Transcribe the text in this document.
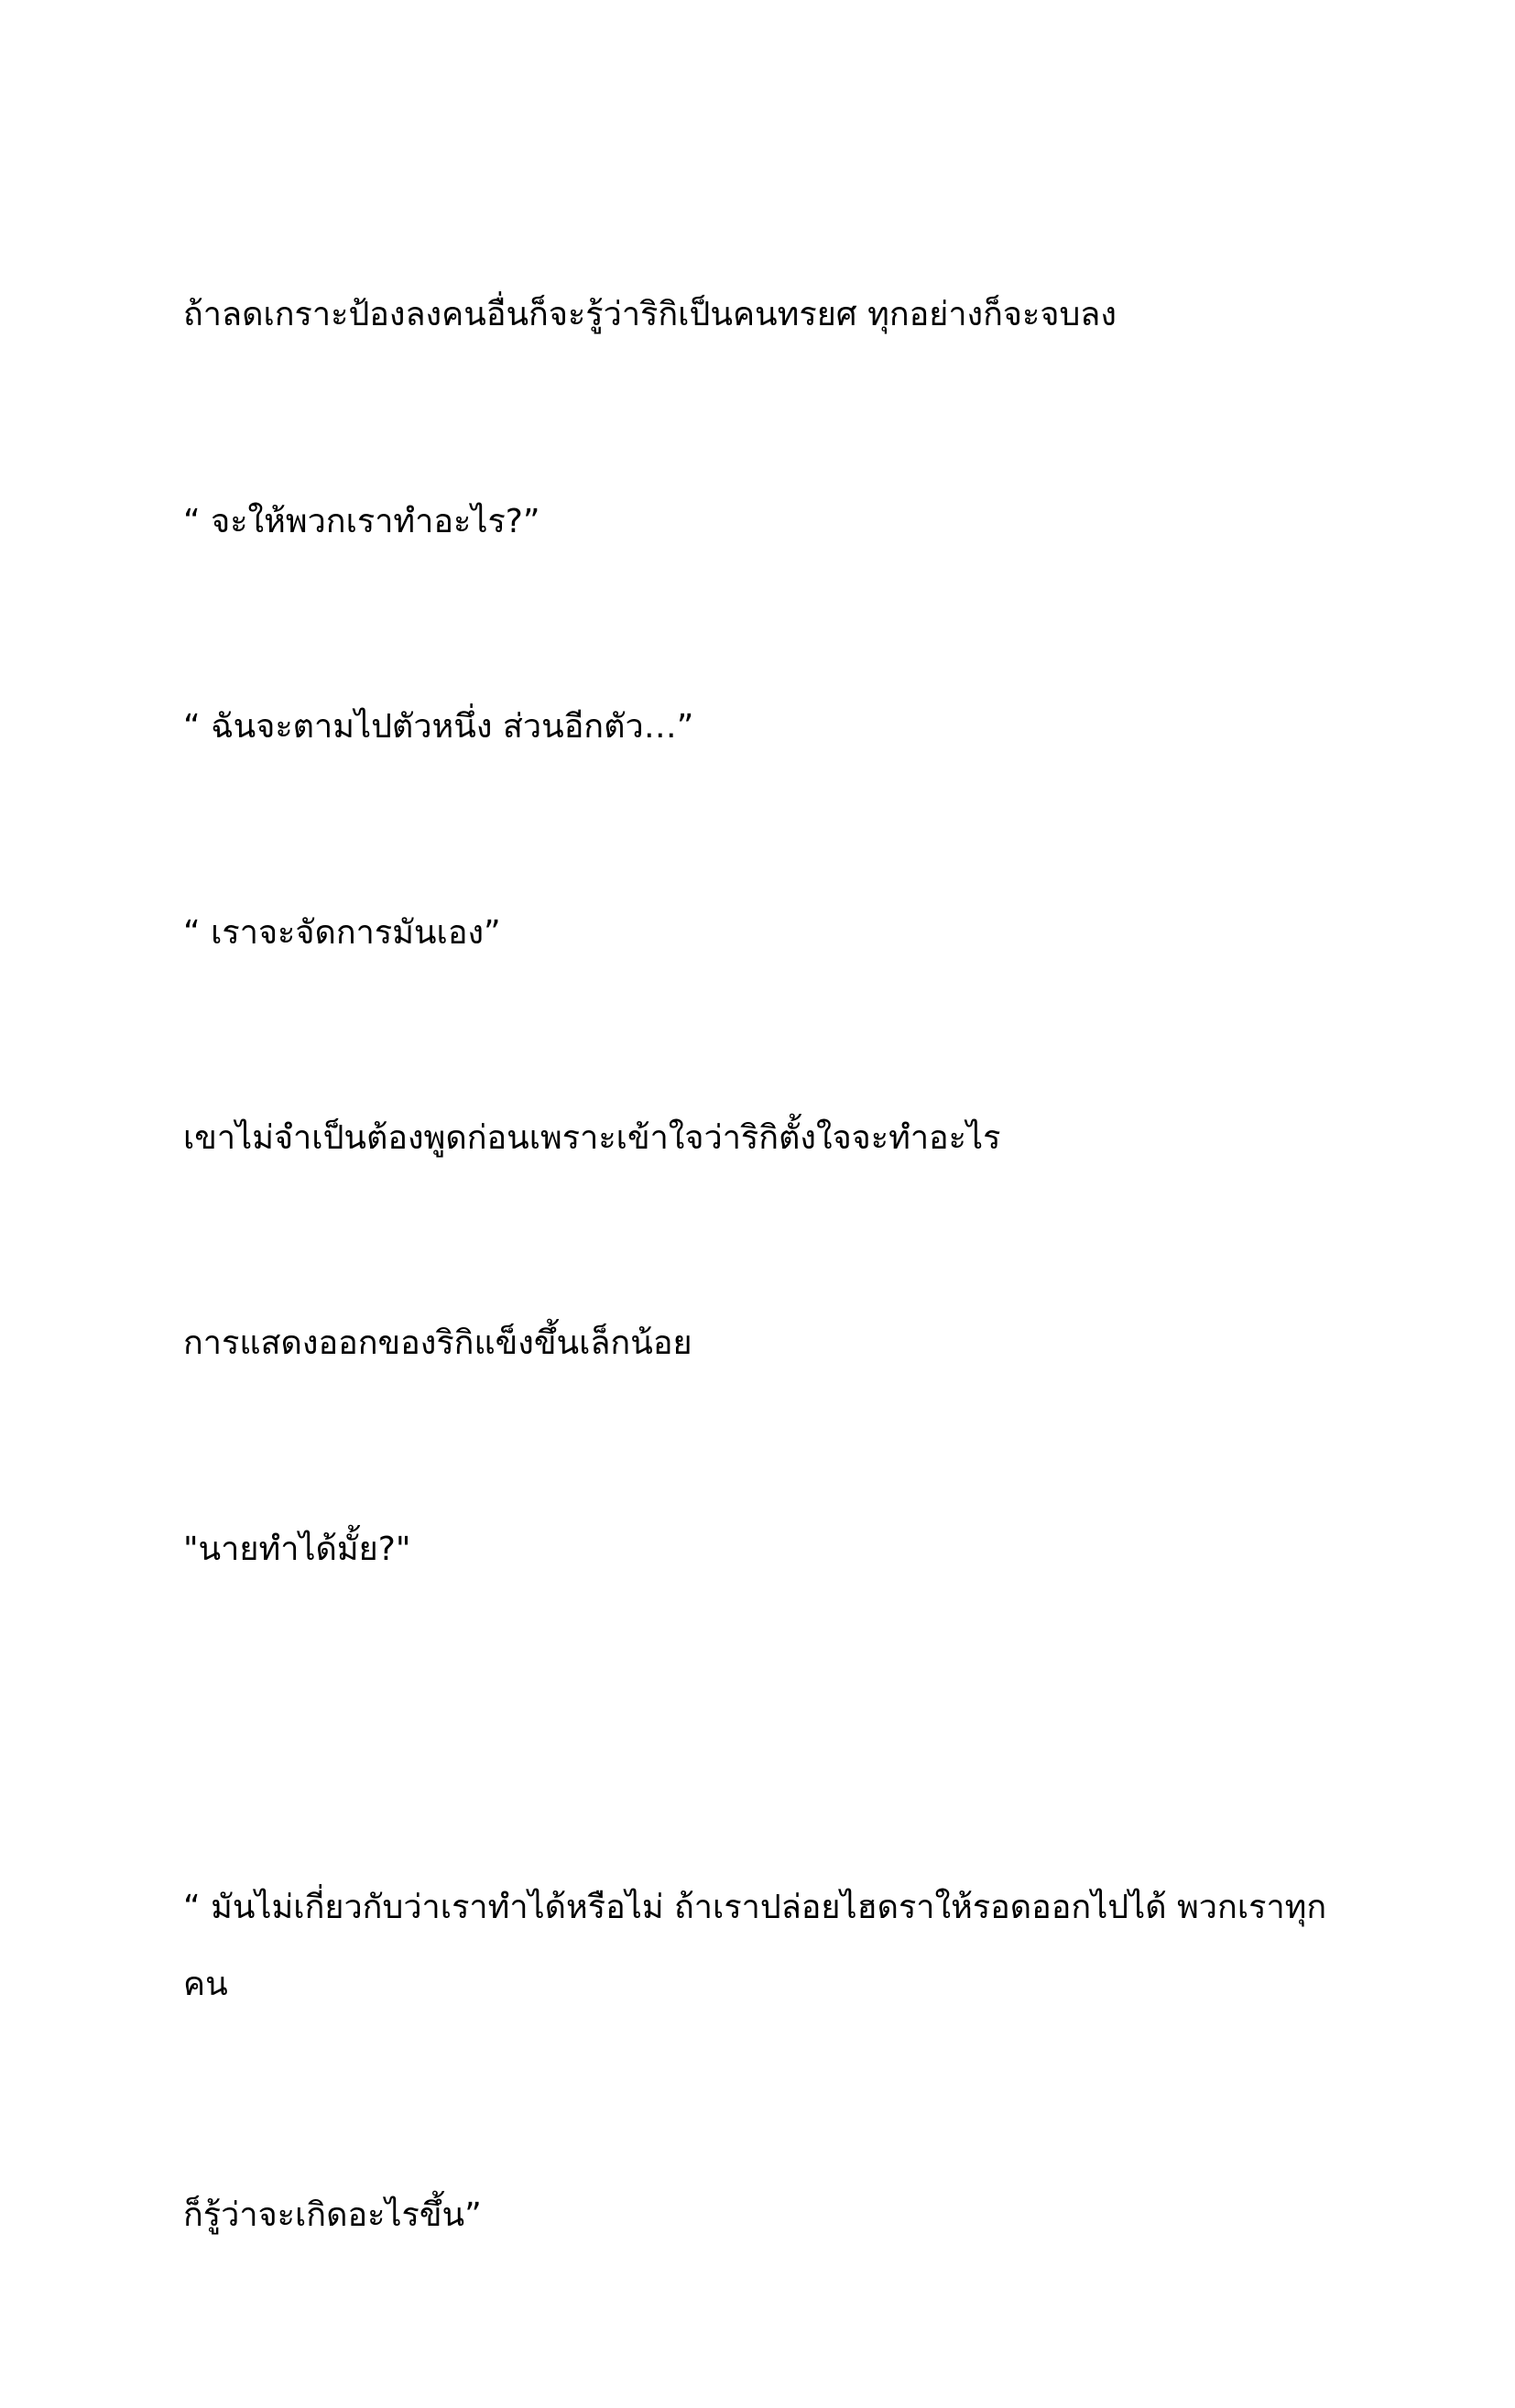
ถ้าลดเกราะป้องลงคนอื่นก็จะรู้ว่าริกิเป็นคนทรยศ ทุกอย่างก็จะจบลง

“ จะให้พวกเราทำอะไร?”

“ ฉันจะตามไปตัวหนึ่ง ส่วนอีกตัว…”

“ เราจะจัดการมันเอง”

เขาไม่จำเป็นต้องพูดก่อนเพราะเข้าใจว่าริกิตั้งใจจะทำอะไร

การแสดงออกของริกิแข็งขึ้นเล็กน้อย

"นายทำได้มั้ย?"

“ มันไม่เกี่ยวกับว่าเราทำได้หรือไม่ ถ้าเราปล่อยไฮดราให้รอดออกไปได้ พวกเราทุกคน

ก็รู้ว่าจะเกิดอะไรขึ้น”
